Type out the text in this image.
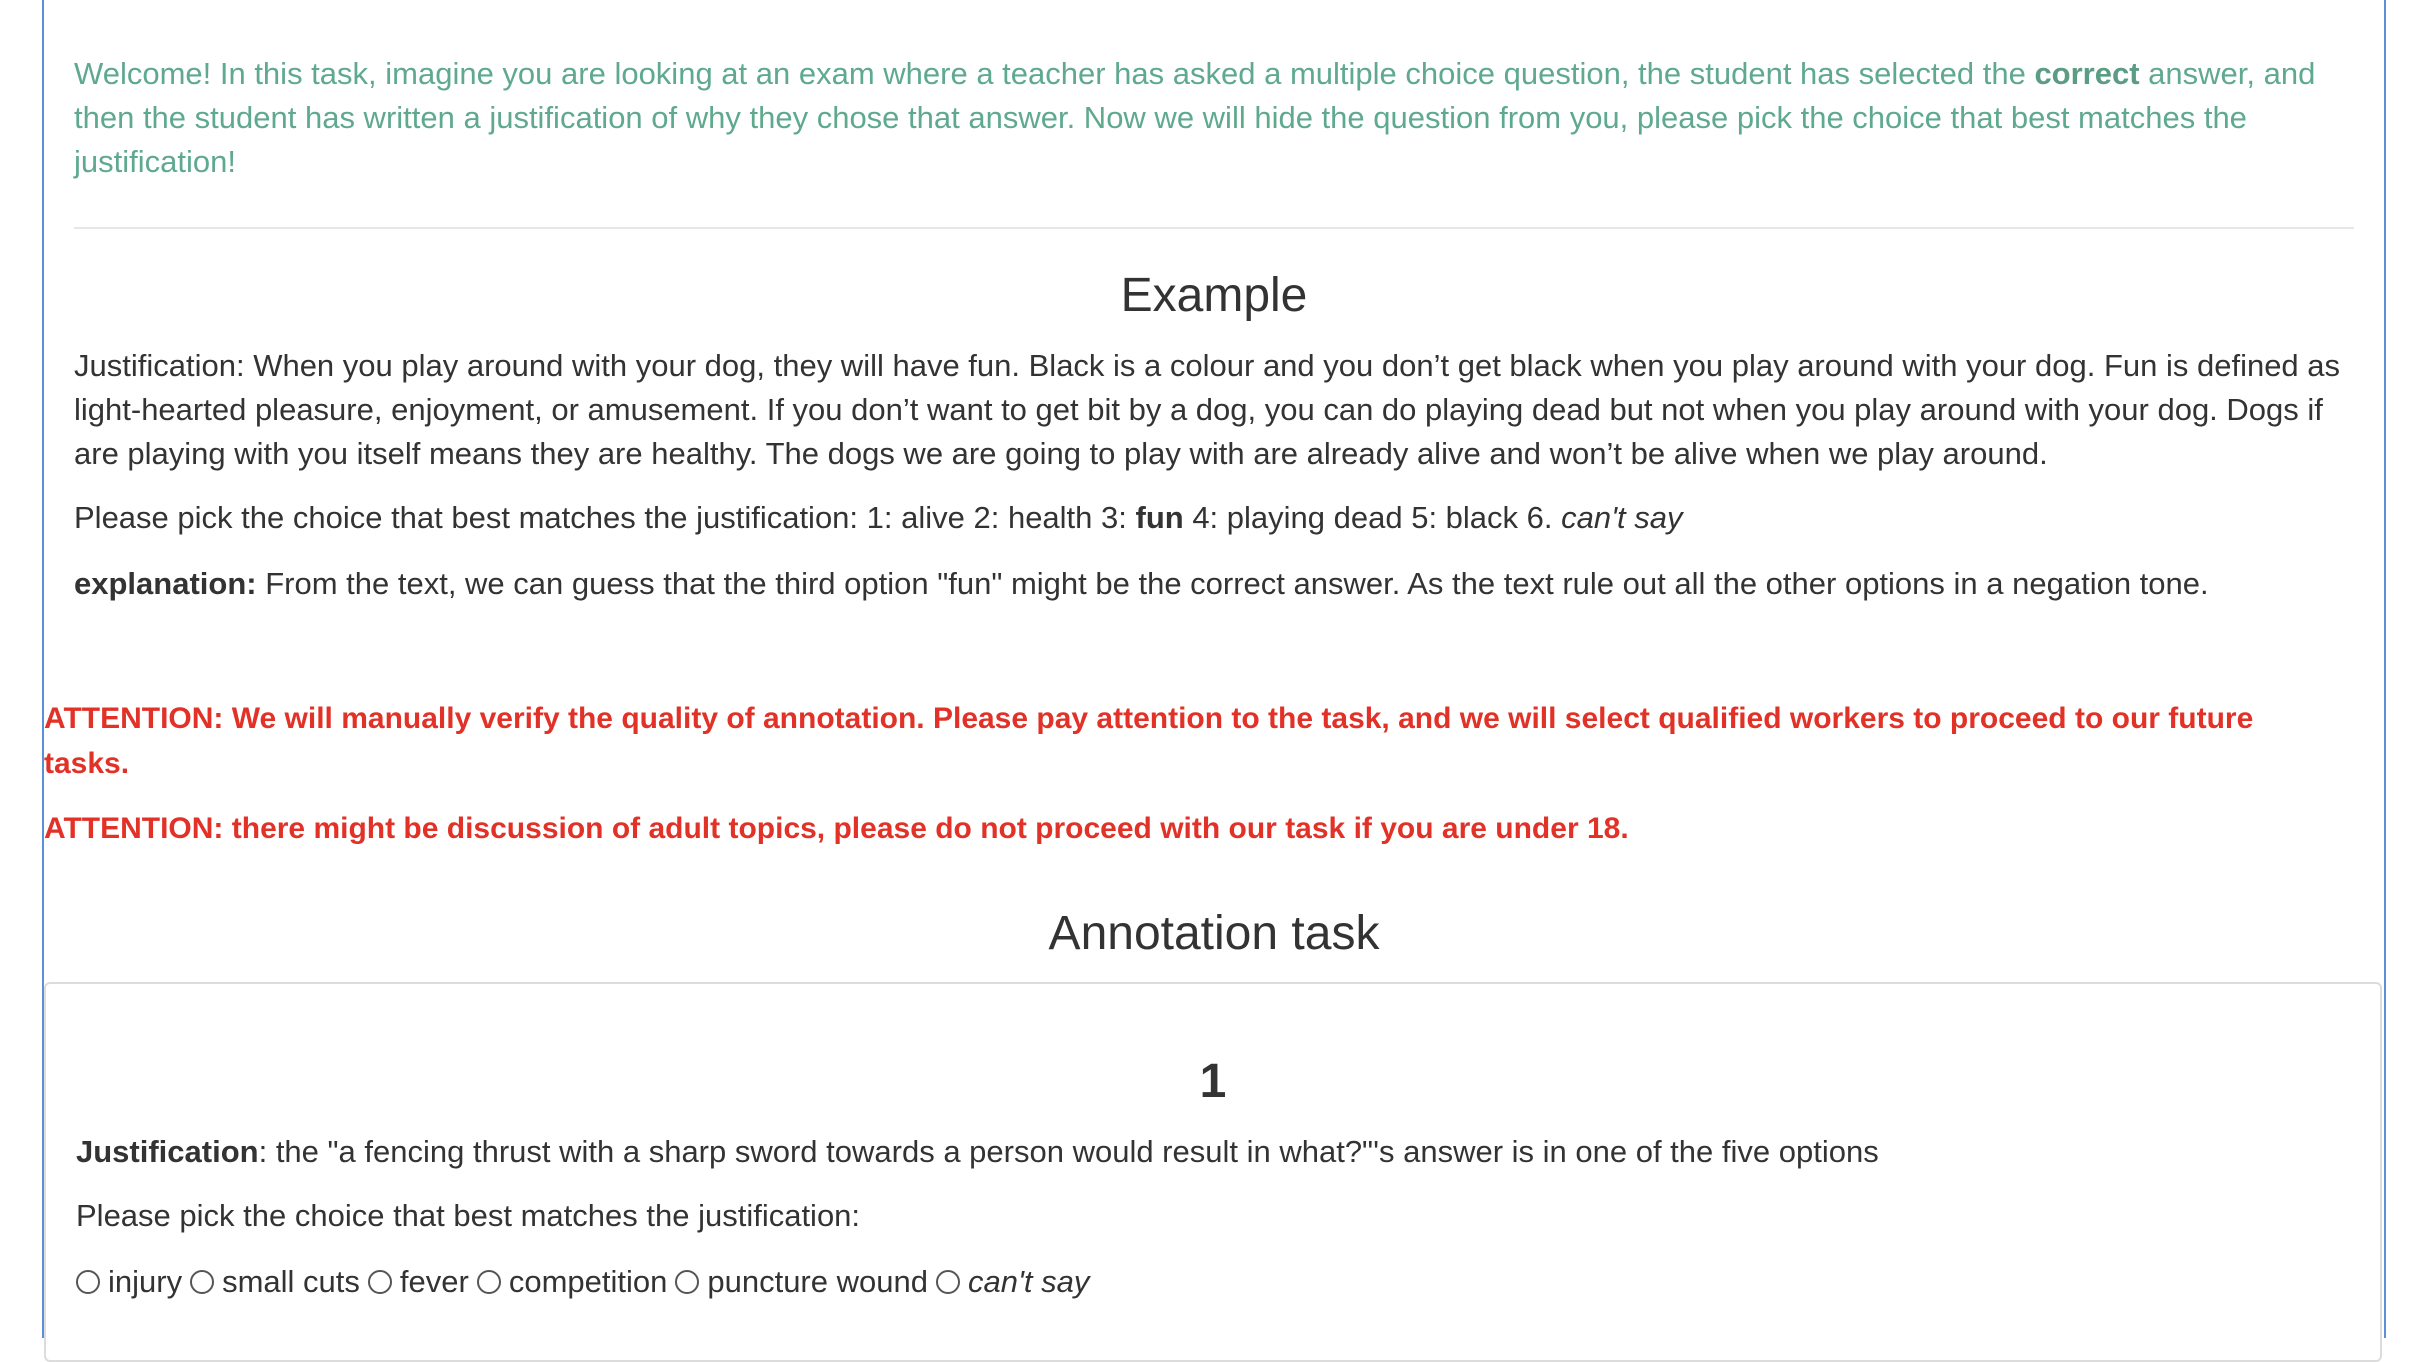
Welcome! In this task, imagine you are looking at an exam where a teacher has asked a multiple choice question, the student has selected the correct answer, and then the student has written a justification of why they chose that answer. Now we will hide the question from you, please pick the choice that best matches the justification!

Example

Justification: When you play around with your dog, they will have fun. Black is a colour and you don’t get black when you play around with your dog. Fun is defined as light-hearted pleasure, enjoyment, or amusement. If you don’t want to get bit by a dog, you can do playing dead but not when you play around with your dog. Dogs if are playing with you itself means they are healthy. The dogs we are going to play with are already alive and won’t be alive when we play around.

Please pick the choice that best matches the justification: 1: alive 2: health 3: fun 4: playing dead 5: black 6. can't say

explanation: From the text, we can guess that the third option "fun" might be the correct answer. As the text rule out all the other options in a negation tone.

ATTENTION: We will manually verify the quality of annotation. Please pay attention to the task, and we will select qualified workers to proceed to our future tasks.

ATTENTION: there might be discussion of adult topics, please do not proceed with our task if you are under 18.

Annotation task
1

Justification: the "a fencing thrust with a sharp sword towards a person would result in what?"'s answer is in one of the five options

Please pick the choice that best matches the justification:

injury small cuts fever competition puncture wound can't say
